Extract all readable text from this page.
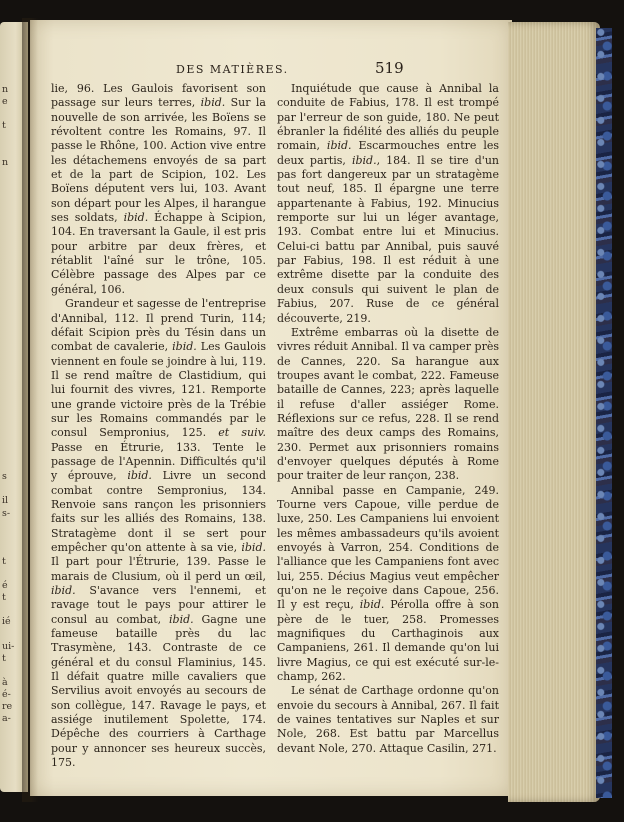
n
e
t
n
s
il
s-
t
é
t
ié
ui-
t
à
é-
re
a-
DES MATIÈRES.	519

lie, 96. Les Gaulois favorisent son passage sur leurs terres, ibid. Sur la nouvelle de son arrivée, les Boïens se révoltent contre les Romains, 97. Il passe le Rhône, 100. Action vive entre les détachemens envoyés de sa part et de la part de Scipion, 102. Les Boïens députent vers lui, 103. Avant son départ pour les Alpes, il harangue ses soldats, ibid. Échappe à Scipion, 104. En traversant la Gaule, il est pris pour arbitre par deux frères, et rétablit l'aîné sur le trône, 105. Célèbre passage des Alpes par ce général, 106.

Grandeur et sagesse de l'entreprise d'Annibal, 112. Il prend Turin, 114; défait Scipion près du Tésin dans un combat de cavalerie, ibid. Les Gaulois viennent en foule se joindre à lui, 119. Il se rend maître de Clastidium, qui lui fournit des vivres, 121. Remporte une grande victoire près de la Trébie sur les Romains commandés par le consul Sempronius, 125. et suiv. Passe en Étrurie, 133. Tente le passage de l'Apennin. Difficultés qu'il y éprouve, ibid. Livre un second combat contre Sempronius, 134. Renvoie sans rançon les prisonniers faits sur les alliés des Romains, 138. Stratagème dont il se sert pour empêcher qu'on attente à sa vie, ibid. Il part pour l'Étrurie, 139. Passe le marais de Clusium, où il perd un œil, ibid. S'avance vers l'ennemi, et ravage tout le pays pour attirer le consul au combat, ibid. Gagne une fameuse bataille près du lac Trasymène, 143. Contraste de ce général et du consul Flaminius, 145. Il défait quatre mille cavaliers que Servilius avoit envoyés au secours de son collègue, 147. Ravage le pays, et assiége inutilement Spolette, 174. Dépêche des courriers à Carthage pour y annoncer ses heureux succès, 175.

Inquiétude que cause à Annibal la conduite de Fabius, 178. Il est trompé par l'erreur de son guide, 180. Ne peut ébranler la fidélité des alliés du peuple romain, ibid. Escarmouches entre les deux partis, ibid., 184. Il se tire d'un pas fort dangereux par un stratagème tout neuf, 185. Il épargne une terre appartenante à Fabius, 192. Minucius remporte sur lui un léger avantage, 193. Combat entre lui et Minucius. Celui-ci battu par Annibal, puis sauvé par Fabius, 198. Il est réduit à une extrême disette par la conduite des deux consuls qui suivent le plan de Fabius, 207. Ruse de ce général découverte, 219.

Extrême embarras où la disette de vivres réduit Annibal. Il va camper près de Cannes, 220. Sa harangue aux troupes avant le combat, 222. Fameuse bataille de Cannes, 223; après laquelle il refuse d'aller assiéger Rome. Réflexions sur ce refus, 228. Il se rend maître des deux camps des Romains, 230. Permet aux prisonniers romains d'envoyer quelques députés à Rome pour traiter de leur rançon, 238.

Annibal passe en Campanie, 249. Tourne vers Capoue, ville perdue de luxe, 250. Les Campaniens lui envoient les mêmes ambassadeurs qu'ils avoient envoyés à Varron, 254. Conditions de l'alliance que les Campaniens font avec lui, 255. Décius Magius veut empêcher qu'on ne le reçoive dans Capoue, 256. Il y est reçu, ibid. Pérolla offre à son père de le tuer, 258. Promesses magnifiques du Carthaginois aux Campaniens, 261. Il demande qu'on lui livre Magius, ce qui est exécuté sur-le-champ, 262.

Le sénat de Carthage ordonne qu'on envoie du secours à Annibal, 267. Il fait de vaines tentatives sur Naples et sur Nole, 268. Est battu par Marcellus devant Nole, 270. Attaque Casilin, 271.
